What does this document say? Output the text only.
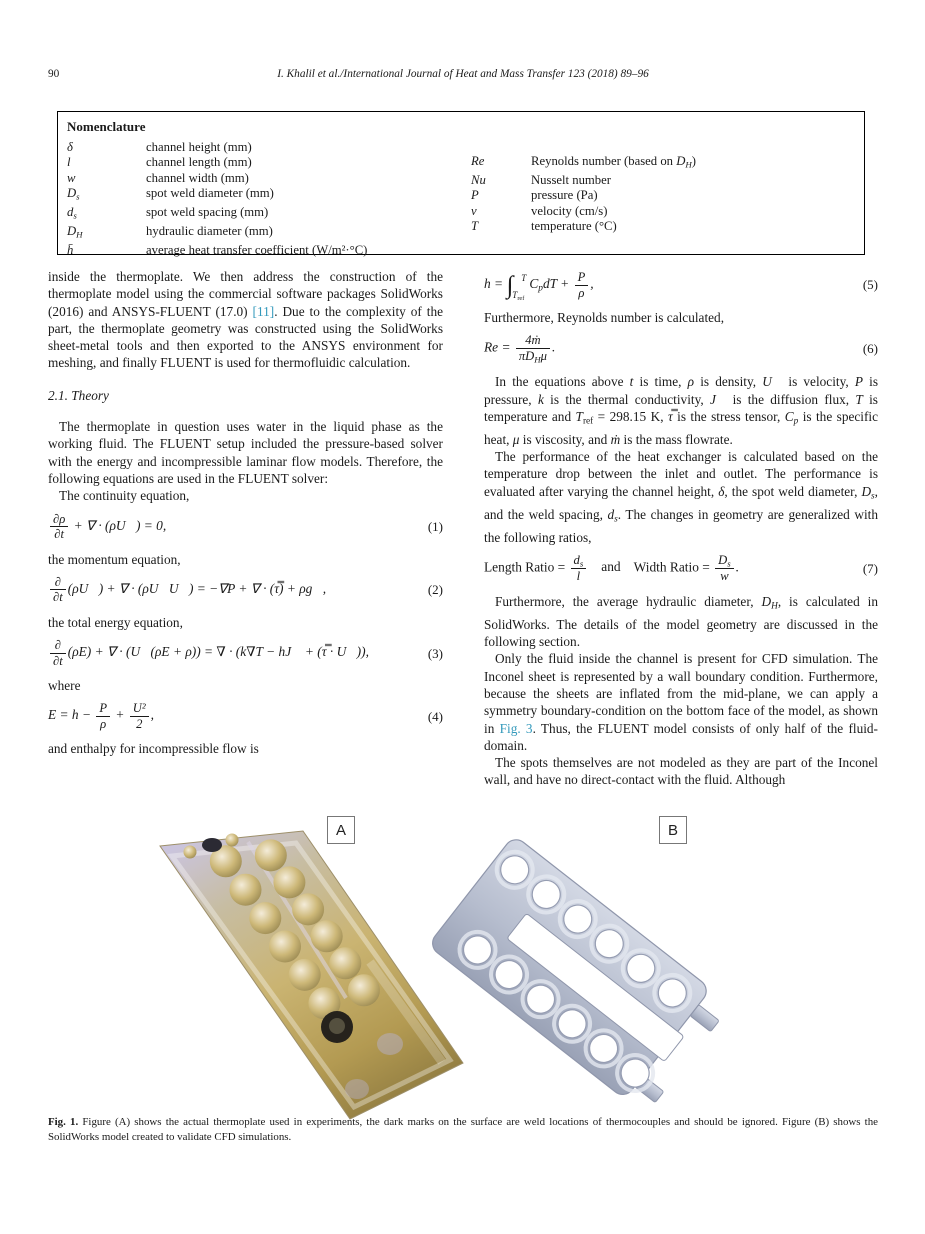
90	I. Khalil et al./International Journal of Heat and Mass Transfer 123 (2018) 89–96
Nomenclature
δ	channel height (mm)
l	channel length (mm)
w	channel width (mm)
Ds	spot weld diameter (mm)
ds	spot weld spacing (mm)
DH	hydraulic diameter (mm)
h̄	average heat transfer coefficient (W/m²·°C)
Re	Reynolds number (based on DH)
Nu	Nusselt number
P	pressure (Pa)
v	velocity (cm/s)
T	temperature (°C)

inside the thermoplate. We then address the construction of the thermoplate model using the commercial software packages SolidWorks (2016) and ANSYS-FLUENT (17.0) [11]. Due to the complexity of the part, the thermoplate geometry was constructed using the SolidWorks sheet-metal tools and then exported to the ANSYS environment for meshing, and finally FLUENT is used for thermofluidic calculation.

2.1. Theory

The thermoplate in question uses water in the liquid phase as the working fluid. The FLUENT setup included the pressure-based solver with the energy and incompressible laminar flow models. Therefore, the following equations are used in the FLUENT solver:

The continuity equation,

$\frac{\partial\rho}{\partial t}$ + ∇ · (ρU⃗) = 0,	(1)

the momentum equation,

$\frac{\partial}{\partial t}$ (ρU⃗) + ∇ · (ρU⃗U⃗) = −∇P + ∇ · (τ̿) + ρg⃗,	(2)

the total energy equation,

$\frac{\partial}{\partial t} (\rho E)$ + ∇ · (U⃗(ρE + ρ)) = ∇ · (k∇T − hJ⃗ + (τ̿ · U⃗)),	(3)

where

$E = h - \frac{P}{\rho} + \frac{\text{U²}}{2}$ ,	(4)

and enthalpy for incompressible flow is

h = ∫ T
Tref
CpdT + $\frac{P}{\rho}$ ,	(5)

Furthermore, Reynolds number is calculated,

$Re = \frac{\text{4ṁ}}{\text{πDHμ}}$ .	(6)

In the equations above t is time, ρ is density, U⃗ is velocity, P is pressure, k is the thermal conductivity, J⃗ is the diffusion flux, T is temperature and Tref = 298.15 K, τ̿ is the stress tensor, Cp is the specific heat, μ is viscosity, and ṁ is the mass flowrate.

The performance of the heat exchanger is calculated based on the temperature drop between the inlet and outlet. The performance is evaluated after varying the channel height, δ, the spot weld diameter, Ds, and the weld spacing, ds. The changes in geometry are generalized with the following ratios,

Length Ratio = $\frac{ds}{l}$ and Width Ratio = $\frac{Ds}{w}$ .	(7)

Furthermore, the average hydraulic diameter, DH, is calculated in SolidWorks. The details of the model geometry are discussed in the following section.

Only the fluid inside the channel is present for CFD simulation. The Inconel sheet is represented by a wall boundary condition. Furthermore, because the sheets are inflated from the mid-plane, we can apply a symmetry boundary-condition on the bottom face of the model, as shown in Fig. 3. Thus, the FLUENT model consists of only half of the fluid-domain.

The spots themselves are not modeled as they are part of the Inconel wall, and have no direct-contact with the fluid. Although

A	B
Fig. 1. Figure (A) shows the actual thermoplate used in experiments, the dark marks on the surface are weld locations of thermocouples and should be ignored. Figure (B) shows the SolidWorks model created to validate CFD simulations.
